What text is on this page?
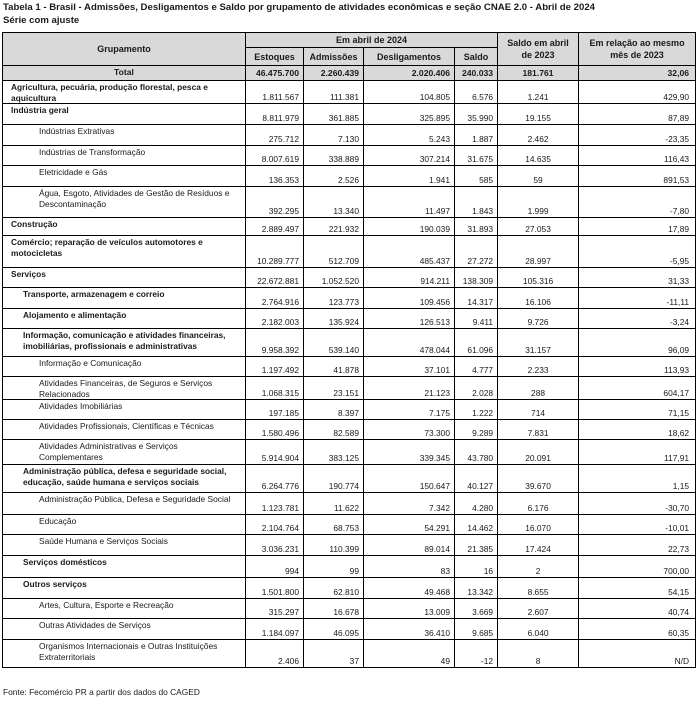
Tabela 1 - Brasil - Admissões, Desligamentos e Saldo por grupamento de atividades econômicas e seção CNAE 2.0 - Abril de 2024
Série com ajuste
Grupamento	Em abril de 2024				Saldo em abril de 2023	Em relação ao mesmo mês de 2023
	Estoques	Admissões	Desligamentos	Saldo		
Total	46.475.700	2.260.439	2.020.406	240.033	181.761	32,06
Agricultura, pecuária, produção florestal, pesca e aquicultura	1.811.567	111.381	104.805	6.576	1.241	429,90
Indústria geral	8.811.979	361.885	325.895	35.990	19.155	87,89
Indústrias Extrativas	275.712	7.130	5.243	1.887	2.462	-23,35
Indústrias de Transformação	8.007.619	338.889	307.214	31.675	14.635	116,43
Eletricidade e Gás	136.353	2.526	1.941	585	59	891,53
Água, Esgoto, Atividades de Gestão de Resíduos e Descontaminação	392.295	13.340	11.497	1.843	1.999	-7,80
Construção	2.889.497	221.932	190.039	31.893	27.053	17,89
Comércio; reparação de veículos automotores e motocicletas	10.289.777	512.709	485.437	27.272	28.997	-5,95
Serviços	22.672.881	1.052.520	914.211	138.309	105.316	31,33
Transporte, armazenagem e correio	2.764.916	123.773	109.456	14.317	16.106	-11,11
Alojamento e alimentação	2.182.003	135.924	126.513	9.411	9.726	-3,24
Informação, comunicação e atividades financeiras, imobiliárias, profissionais e administrativas	9.958.392	539.140	478.044	61.096	31.157	96,09
Informação e Comunicação	1.197.492	41.878	37.101	4.777	2.233	113,93
Atividades Financeiras, de Seguros e Serviços Relacionados	1.068.315	23.151	21.123	2.028	288	604,17
Atividades Imobiliárias	197.185	8.397	7.175	1.222	714	71,15
Atividades Profissionais, Científicas e Técnicas	1.580.496	82.589	73.300	9.289	7.831	18,62
Atividades Administrativas e Serviços Complementares	5.914.904	383.125	339.345	43.780	20.091	117,91
Administração pública, defesa e seguridade social, educação, saúde humana e serviços sociais	6.264.776	190.774	150.647	40.127	39.670	1,15
Administração Pública, Defesa e Seguridade Social	1.123.781	11.622	7.342	4.280	6.176	-30,70
Educação	2.104.764	68.753	54.291	14.462	16.070	-10,01
Saúde Humana e Serviços Sociais	3.036.231	110.399	89.014	21.385	17.424	22,73
Serviços domésticos	994	99	83	16	2	700,00
Outros serviços	1.501.800	62.810	49.468	13.342	8.655	54,15
Artes, Cultura, Esporte e Recreação	315.297	16.678	13.009	3.669	2.607	40,74
Outras Atividades de Serviços	1.184.097	46.095	36.410	9.685	6.040	60,35
Organismos Internacionais e Outras Instituições Extraterritoriais	2.406	37	49	-12	8	N/D
Fonte: Fecomércio PR a partir dos dados do CAGED
